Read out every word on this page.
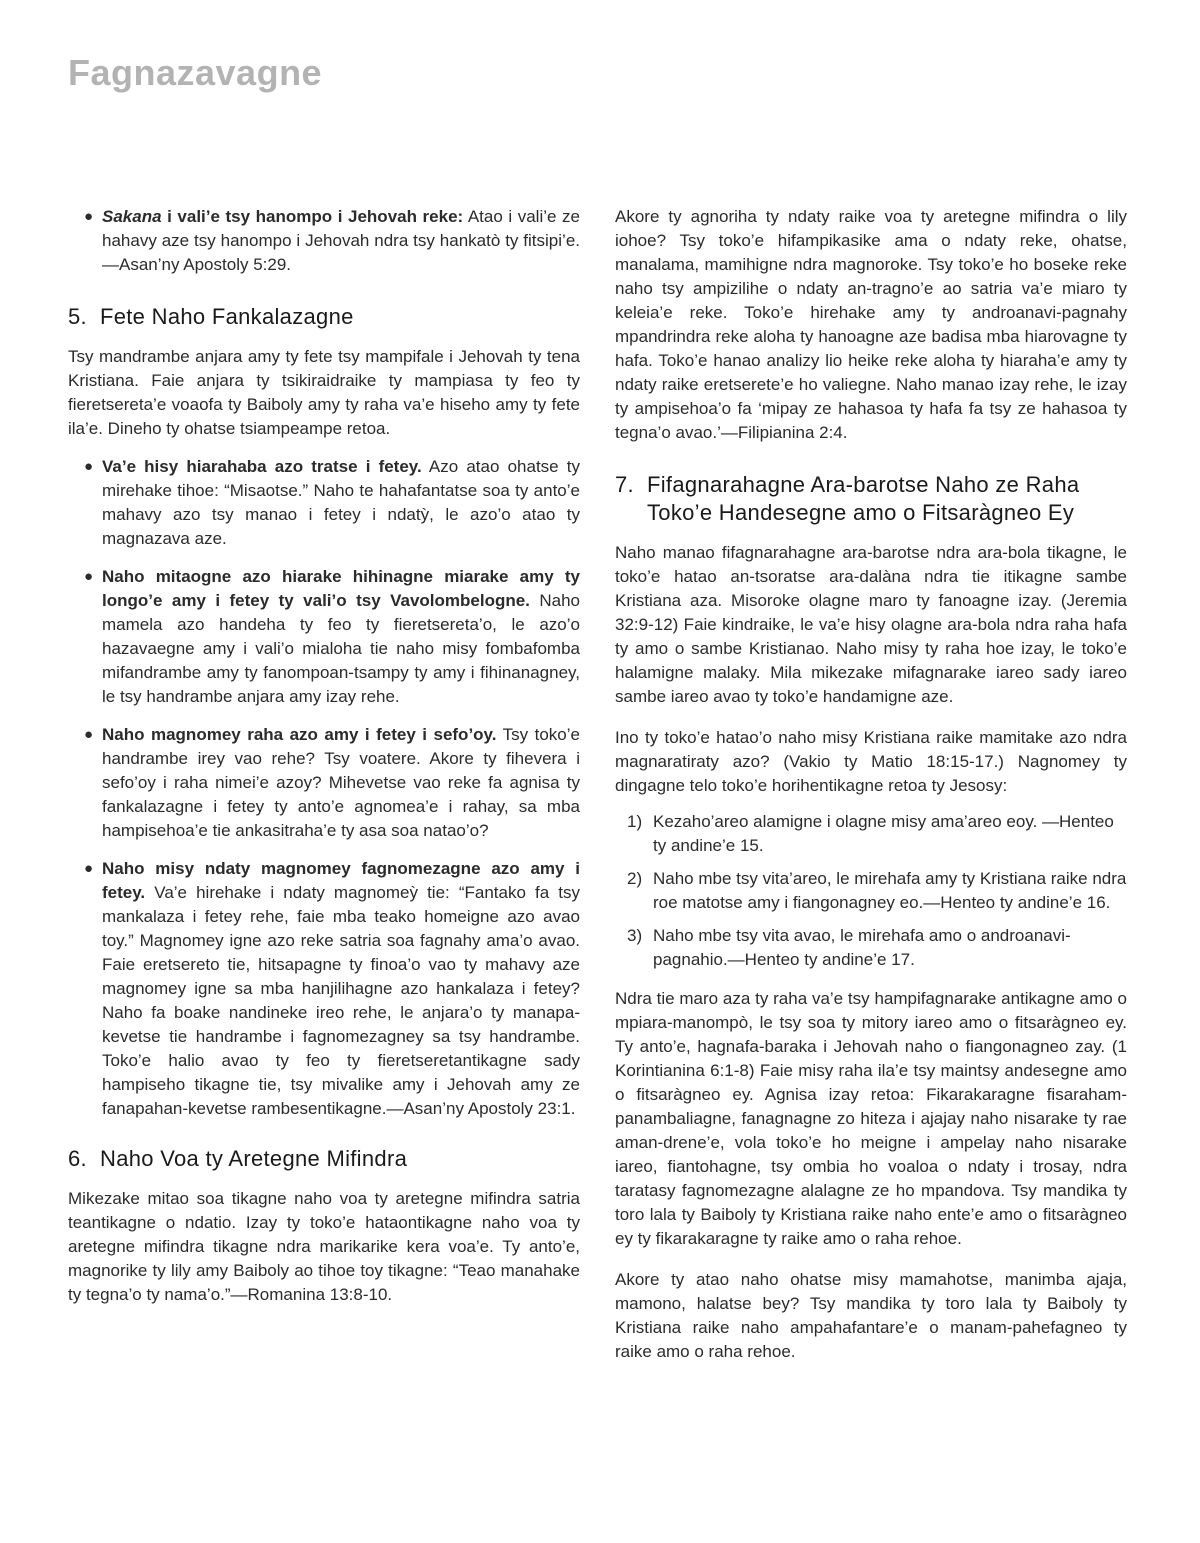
Fagnazavagne
● Sakana i vali’e tsy hanompo i Jehovah reke: Atao i vali’e ze hahavy aze tsy hanompo i Jehovah ndra tsy hankatò ty fitsipi’e.—Asan’ny Apostoly 5:29.
5. Fete Naho Fankalazagne

Tsy mandrambe anjara amy ty fete tsy mampifale i Jehovah ty tena Kristiana. Faie anjara ty tsikiraidraike ty mampiasa ty feo ty fieretsereta’e voaofa ty Baiboly amy ty raha va’e hiseho amy ty fete ila’e. Dineho ty ohatse tsiampeampe retoa.

● Va’e hisy hiarahaba azo tratse i fetey. Azo atao ohatse ty mirehake tihoe: “Misaotse.” Naho te hahafantatse soa ty anto’e mahavy azo tsy manao i fetey i ndatỳ, le azo’o atao ty magnazava aze.
● Naho mitaogne azo hiarake hihinagne miarake amy ty longo’e amy i fetey ty vali’o tsy Vavolombelogne. Naho mamela azo handeha ty feo ty fieretsereta’o, le azo’o hazavaegne amy i vali’o mialoha tie naho misy fombafomba mifandrambe amy ty fanompoan-tsampy ty amy i fihinanagney, le tsy handrambe anjara amy izay rehe.
● Naho magnomey raha azo amy i fetey i sefo’oy. Tsy toko’e handrambe irey vao rehe? Tsy voatere. Akore ty fihevera i sefo’oy i raha nimei’e azoy? Mihevetse vao reke fa agnisa ty fankalazagne i fetey ty anto’e agnomea’e i rahay, sa mba hampisehoa’e tie ankasitraha’e ty asa soa natao’o?
● Naho misy ndaty magnomey fagnomezagne azo amy i fetey. Va’e hirehake i ndaty magnomeỳ tie: “Fantako fa tsy mankalaza i fetey rehe, faie mba teako homeigne azo avao toy.” Magnomey igne azo reke satria soa fagnahy ama’o avao. Faie eretsereto tie, hitsapagne ty finoa’o vao ty mahavy aze magnomey igne sa mba hanjilihagne azo hankalaza i fetey? Naho fa boake nandineke ireo rehe, le anjara’o ty manapa-kevetse tie handrambe i fagnomezagney sa tsy handrambe. Toko’e halio avao ty feo ty fieretseretantikagne sady hampiseho tikagne tie, tsy mivalike amy i Jehovah amy ze fanapahan-kevetse rambesentikagne.—Asan’ny Apostoly 23:1.
6. Naho Voa ty Aretegne Mifindra

Mikezake mitao soa tikagne naho voa ty aretegne mifindra satria teantikagne o ndatio. Izay ty toko’e hataontikagne naho voa ty aretegne mifindra tikagne ndra marikarike kera voa’e. Ty anto’e, magnorike ty lily amy Baiboly ao tihoe toy tikagne: “Teao manahake ty tegna’o ty nama’o.”—Romanina 13:8-10.

Akore ty agnoriha ty ndaty raike voa ty aretegne mifindra o lily iohoe? Tsy toko’e hifampikasike ama o ndaty reke, ohatse, manalama, mamihigne ndra magnoroke. Tsy toko’e ho boseke reke naho tsy ampizilihe o ndaty an-tragno’e ao satria va’e miaro ty keleia’e reke. Toko’e hirehake amy ty androanavi-pagnahy mpandrindra reke aloha ty hanoagne aze badisa mba hiarovagne ty hafa. Toko’e hanao analizy lio heike reke aloha ty hiaraha’e amy ty ndaty raike eretserete’e ho valiegne. Naho manao izay rehe, le izay ty ampisehoa’o fa ‘mipay ze hahasoa ty hafa fa tsy ze hahasoa ty tegna’o avao.’—Filipianina 2:4.

7. Fifagnarahagne Ara-barotse Naho ze Raha Toko’e Handesegne amo o Fitsaràgneo Ey

Naho manao fifagnarahagne ara-barotse ndra ara-bola tikagne, le toko’e hatao an-tsoratse ara-dalàna ndra tie itikagne sambe Kristiana aza. Misoroke olagne maro ty fanoagne izay. (Jeremia 32:9-12) Faie kindraike, le va’e hisy olagne ara-bola ndra raha hafa ty amo o sambe Kristianao. Naho misy ty raha hoe izay, le toko’e halamigne malaky. Mila mikezake mifagnarake iareo sady iareo sambe iareo avao ty toko’e handamigne aze.

Ino ty toko’e hatao’o naho misy Kristiana raike mamitake azo ndra magnaratiraty azo? (Vakio ty Matio 18:15-17.) Nagnomey ty dingagne telo toko’e horihentikagne retoa ty Jesosy:

1) Kezaho’areo alamigne i olagne misy ama’areo eoy. —Henteo ty andine’e 15.
2) Naho mbe tsy vita’areo, le mirehafa amy ty Kristiana raike ndra roe matotse amy i fiangonagney eo.—Henteo ty andine’e 16.
3) Naho mbe tsy vita avao, le mirehafa amo o androanavi-pagnahio.—Henteo ty andine’e 17.

Ndra tie maro aza ty raha va’e tsy hampifagnarake antikagne amo o mpiara-manompò, le tsy soa ty mitory iareo amo o fitsaràgneo ey. Ty anto’e, hagnafa-baraka i Jehovah naho o fiangonagneo zay. (1 Korintianina 6:1-8) Faie misy raha ila’e tsy maintsy andesegne amo o fitsaràgneo ey. Agnisa izay retoa: Fikarakaragne fisaraham-panambaliagne, fanagnagne zo hiteza i ajajay naho nisarake ty rae aman-drene’e, vola toko’e ho meigne i ampelay naho nisarake iareo, fiantohagne, tsy ombia ho voaloa o ndaty i trosay, ndra taratasy fagnomezagne alalagne ze ho mpandova. Tsy mandika ty toro lala ty Baiboly ty Kristiana raike naho ente’e amo o fitsaràgneo ey ty fikarakaragne ty raike amo o raha rehoe.

Akore ty atao naho ohatse misy mamahotse, manimba ajaja, mamono, halatse bey? Tsy mandika ty toro lala ty Baiboly ty Kristiana raike naho ampahafantare’e o manam-pahefagneo ty raike amo o raha rehoe.
